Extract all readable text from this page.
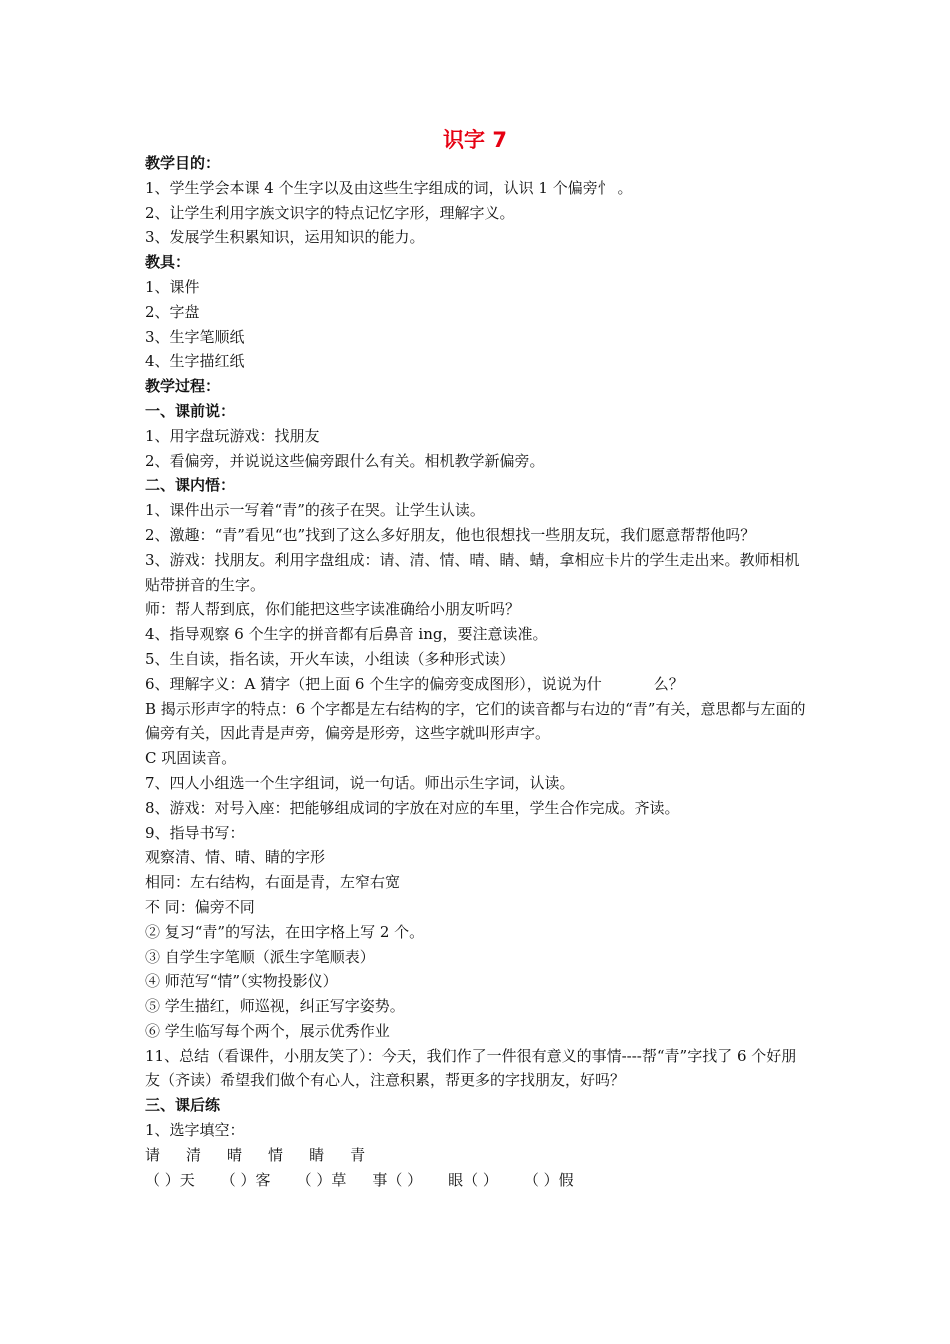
识字 7
教学目的：
1、学生学会本课 4 个生字以及由这些生字组成的词，认识 1 个偏旁忄 。
2、让学生利用字族文识字的特点记忆字形，理解字义。
3、发展学生积累知识，运用知识的能力。
教具：
1、课件
2、字盘
3、生字笔顺纸
4、生字描红纸
教学过程：
一、课前说：
1、用字盘玩游戏：找朋友
2、看偏旁，并说说这些偏旁跟什么有关。相机教学新偏旁。
二、课内悟：
1、课件出示一写着“青”的孩子在哭。让学生认读。
2、激趣：“青”看见“也”找到了这么多好朋友，他也很想找一些朋友玩，我们愿意帮帮他吗？
3、游戏：找朋友。利用字盘组成：请、清、情、晴、睛、蜻，拿相应卡片的学生走出来。教师相机贴带拼音的生字。
师：帮人帮到底，你们能把这些字读准确给小朋友听吗？
4、指导观察 6 个生字的拼音都有后鼻音 ing，要注意读准。
5、生自读，指名读，开火车读，小组读（多种形式读）
6、理解字义：A 猜字（把上面 6 个生字的偏旁变成图形），说说为什	么？
B 揭示形声字的特点：6 个字都是左右结构的字，它们的读音都与右边的“青”有关，意思都与左面的偏旁有关，因此青是声旁，偏旁是形旁，这些字就叫形声字。
C 巩固读音。
7、四人小组选一个生字组词，说一句话。师出示生字词，认读。
8、游戏：对号入座：把能够组成词的字放在对应的车里，学生合作完成。齐读。
9、指导书写：
观察清、情、晴、睛的字形
相同：左右结构，右面是青，左窄右宽
不 同：偏旁不同
② 复习“青”的写法，在田字格上写 2 个。
③ 自学生字笔顺（派生字笔顺表）
④ 师范写“情”（实物投影仪）
⑤ 学生描红，师巡视，纠正写字姿势。
⑥ 学生临写每个两个，展示优秀作业
11、总结（看课件，小朋友笑了）：今天，我们作了一件很有意义的事情----帮“青”字找了 6 个好朋友（齐读）希望我们做个有心人，注意积累，帮更多的字找朋友，好吗？
三、课后练
1、选字填空：
请 清 晴 情 睛 青
（ ）天 （ ）客 （ ）草 事（ ） 眼（ ） （ ）假
